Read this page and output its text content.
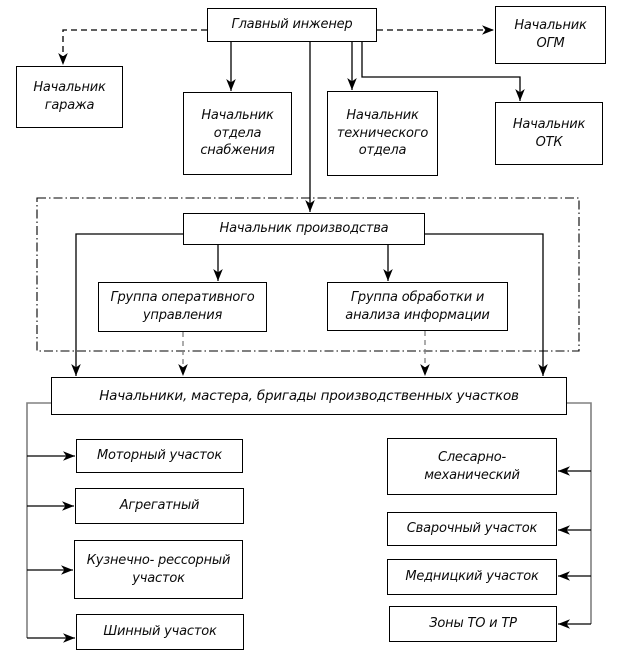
Главный инженер
Начальник гаража
Начальник ОГМ
Начальник отдела снабжения
Начальник технического отдела
Начальник ОТК
Начальник производства
Группа оперативного управления
Группа обработки и анализа информации
Начальники, мастера, бригады производственных участков
Моторный участок
Агрегатный
Кузнечно- рессорный участок
Шинный участок
Слесарно- механический
Сварочный участок
Медницкий участок
Зоны ТО и ТР
